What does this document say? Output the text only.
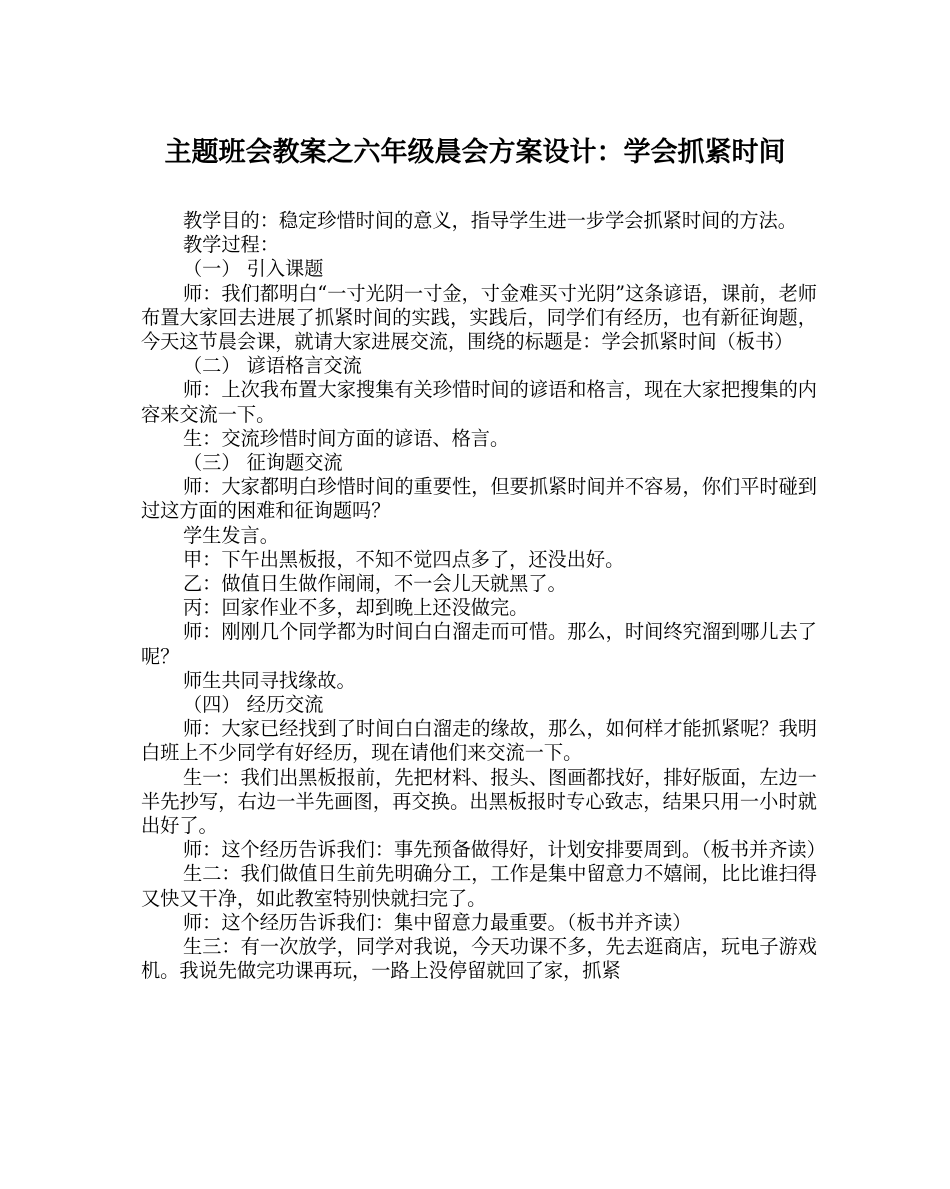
主题班会教案之六年级晨会方案设计：学会抓紧时间

教学目的：稳定珍惜时间的意义，指导学生进一步学会抓紧时间的方法。

教学过程：

（一） 引入课题

师：我们都明白“一寸光阴一寸金，寸金难买寸光阴”这条谚语，课前，老师布置大家回去进展了抓紧时间的实践，实践后，同学们有经历，也有新征询题，今天这节晨会课，就请大家进展交流，围绕的标题是：学会抓紧时间（板书）

（二） 谚语格言交流

师：上次我布置大家搜集有关珍惜时间的谚语和格言，现在大家把搜集的内容来交流一下。

生：交流珍惜时间方面的谚语、格言。

（三） 征询题交流

师：大家都明白珍惜时间的重要性，但要抓紧时间并不容易，你们平时碰到过这方面的困难和征询题吗？

学生发言。

甲：下午出黑板报，不知不觉四点多了，还没出好。

乙：做值日生做作闹闹，不一会儿天就黑了。

丙：回家作业不多，却到晚上还没做完。

师：刚刚几个同学都为时间白白溜走而可惜。那么，时间终究溜到哪儿去了呢？

师生共同寻找缘故。

（四） 经历交流

师：大家已经找到了时间白白溜走的缘故，那么，如何样才能抓紧呢？我明白班上不少同学有好经历，现在请他们来交流一下。

生一：我们出黑板报前，先把材料、报头、图画都找好，排好版面，左边一半先抄写，右边一半先画图，再交换。出黑板报时专心致志，结果只用一小时就出好了。

师：这个经历告诉我们：事先预备做得好，计划安排要周到。（板书并齐读）

生二：我们做值日生前先明确分工，工作是集中留意力不嬉闹，比比谁扫得又快又干净，如此教室特别快就扫完了。

师：这个经历告诉我们：集中留意力最重要。（板书并齐读）

生三：有一次放学，同学对我说，今天功课不多，先去逛商店，玩电子游戏机。我说先做完功课再玩，一路上没停留就回了家，抓紧
